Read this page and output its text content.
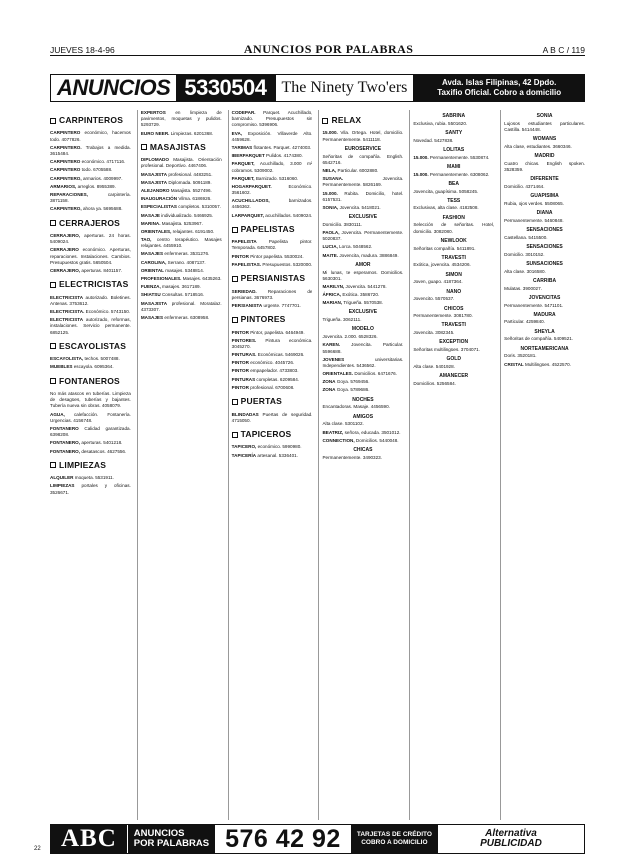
JUEVES 18-4-96	ANUNCIOS POR PALABRAS	A B C / 119
ANUNCIOS 5330504 The Ninety Two'ers	Avda. Islas Filipinas, 42 Dpdo.
Taxifio Oficial. Cobro a domicilio
CARPINTEROS
CARPINTERO económico, hacemos todo. 4077826.
CARPINTERO. Trabajos a medida. 3615484.
CARPINTERO económico. 4717116.
CARPINTERO todo. 6705588.
CARPINTERO, armarios. 4009997.
ARMARIOS, arreglos. 8955389.
REPARACIONES,	carpintería. 3871158.
CARPINTERO, ahora ya. 5695688.
CERRAJEROS
CERRAJERO, aperturas. 24 horas. 5409024.
CERRAJERO económico. Aperturas, reparaciones. Instalaciones. Cambios. Presupuestos gratis. 5650504.
CERRAJERO, aperturas. 8401157.
ELECTRICISTAS
ELECTRICISTA autorizado. Boletines. Antenas. 3753612.
ELECTRICISTA. Económico. 5743150.
ELECTRICISTA autorizado, reformas, instalaciones. Servicio permanente. 6852125.
ESCAYOLISTAS
ESCAYOLISTA, techos. 5007488.
MUEBLES escayola. 6095364.
FONTANEROS
No más atascos en tuberías. Limpieza de desagües, tuberías y bajantes. Tubería nueva sin obras. 4058079.
AGUA, calefacción. Fontanería. Urgencias. 4156748.
FONTANERO Calidad garantizada. 6398208.
FONTANERO, aperturas. 5401218.
FONTANERO, desatascos. 4627556.
LIMPIEZAS
ALQUILER moqueta. 5531911.
LIMPIEZAS portales y oficinas. 3526671.
EXPERTOS en limpieza de pavimentos, moquetas y pulidos. 5293729.
EURO NEER. Limpiezas. 6201368.
MASAJISTAS
DIPLOMADO Masajista. Orientación profesional. Deportivo. 4467406.
MASAJISTA profesional. 4483251.
MASAJISTA Diplomada. 5091189.
ALEJANDRO Masajista. 5527496.
INAUGURACIÓN Vilma. 6186926.
ESPECIALISTAS completos. 5310057.
MASAJE individualizado. 5466925.
MARINA. Masajista. 5253967.
ORIENTALES, relajantes. 6191450.
TAO, centro terapéutico. Masajes relajantes. 4455910.
MASAJES enfermeras. 3531276.
CAROLINA, Serrano. 4087137.
ORIENTAL masajes. 5348814.
PROFESIONALES. Masajes. 6435263.
FUENZA, masajes. 3617189.
SHIATSU Consultas. 5718516.
MASAJISTA profesional. Moratalaz. 4373307.
MASAJES enfermeras. 6308958.
CODEPAR. Parquet. Acuchillado, barnizado. Presupuestos sin compromiso. 5396906.
EVA, Exposición. Villaverde Alto. 4459628.
TARIMAS flotantes. Parquet. 4274003.
IBERPARQUET Pulidos. 4174380.
PARQUET, Acuchillado, 3.000 m² cobramos. 5309002.
PARQUET, Barnizado. 5316060.
HOGARPARQUET.	Económico. 3561602.
ACUCHILLADOS,	barnizados. 4456362.
LARPARQUET, acuchillados. 5409024.
PAPELISTAS
PAPELISTA	Papelista pintor. Temporada. 6457802.
PINTOR Pintor papelista. 5530024.
PAPELISTAS. Presupuestos. 5320000.
PERSIANISTAS
SERIEDAD. Reparaciones de persianas. 3676973.
PERSIANISTA urgente. 7747701.
PINTORES
PINTOR Pintor, papelista. 6464949.
PINTORES. Pintura económica. 3045270.
PINTURAS. Económicas. 5469026.
PINTOR económico. 4045726.
PINTOR empapelador. 4733803.
PINTURAS completas. 6209584.
PINTOR profesional. 6700608.
PUERTAS
BLINDADAS Puertas de seguridad. 4715050.
TAPICEROS
TAPICERO, económico. 5990980.
TAPICERÍA artesanal. 5336401.
RELAX
15.000. Vila. Ortega. Hotel, domicilio. Permanentemente. 5411118.
EUROSERVICE
Señoritas de compañía. English. 6542716.
NELA, Particular. 6002880.
SUSANA.	Jovencita. Permanentemente. 5826169.
15.000. Rubita. Domicilio, hotel. 6157531.
SONIA, Jovencita. 5418021.
EXCLUSIVE
Domicilio. 3830111.
PAOLA, Jovencita. Permanentemente. 5020837.
LUCIA, Lorca. 5048562.
MAITE. Jovencita, madura. 3886849.
AMOR
Mi lunas, te esperamos. Domicilios. 5630301.
MARILYN, Jovencita. 5441278.
ÁFRICA, Exótica. 3586720.
MARIAN, Trigueña. 5570538.
EXCLUSIVE
Trigueña. 3062111.
MODELO
Jovencita. 2.000. 6528326.
KAREN. Jovencita. Particular. 5596688.
JOVENES	universitarias. Independientes. 5436562.
ORIENTALES. Domicilios. 6471676.
ZONA Goya. 5769456.
ZONA Goya. 5789686.
NOCHES
Encantadoras. Masaje. 4456590.
AMIGOS
Alta clase. 5301102.
BEATRIZ, señora, educada. 3501012.
CONNECTION, Domicilios. 5440048.
CHICAS
Permanentemente. 3490323.
SABRINA
Exclusiva, rubia. 5501620.
SANTY
Novedad. 5427838.
LOLITAS
15.000. Permanentemente. 5530874.
MAMI
15.000. Permanentemente. 6308062.
BEA
Jovencita, guapísima. 5058245.
TESS
Exclusivas, alta clase. 4182508.
FASHION
Selección de señoritas. Hotel, domicilio. 3082080.
NEWLOOK
Señoritas compañía. 5411891.
TRAVESTI
Exótica, jovencita. 4534206.
SIMON
Joven, guapo. 4187364.
NANO
Jovencito. 5570537.
CHICOS
Permanentemente. 3081780.
TRAVESTI
Jovencita. 3082345.
EXCEPTION
Señoritas multilingües. 3704071.
GOLD
Alta clase. 5401928.
AMANECER
Domicilios. 5256584.
SONIA
Lujosos estudiantes particulares. Castilla. 5414448.
WOMANS
Alta clase, estudiantes. 3660346.
MADRID
Cuatro chicas. English spoken. 3528359.
DIFERENTE
Domicilio. 4371464.
GUAPISIMA
Rubia, ojos verdes. 5508065.
DIANA
Permanentemente. 5460848.
SENSACIONES
Castellana. 5415500.
SENSACIONES
Domicilio. 3010152.
SUNSACIONES
Alta clase. 3016580.
CARRIBA
Mulatas. 3900027.
JOVENCITAS
Permanentemente. 5471101.
MADURA
Particular. 4259840.
SHEYLA
Señoritas de compañía. 5409521.
NORTEAMERICANA
Doris. 3520181.
CRISTAL Multilingües. 4522570.
ABC	ANUNCIOS
POR PALABRAS 576 42 92	TARJETAS DE CRÉDITO
COBRO A DOMICILIO
Alternativa
PUBLICIDAD
22
